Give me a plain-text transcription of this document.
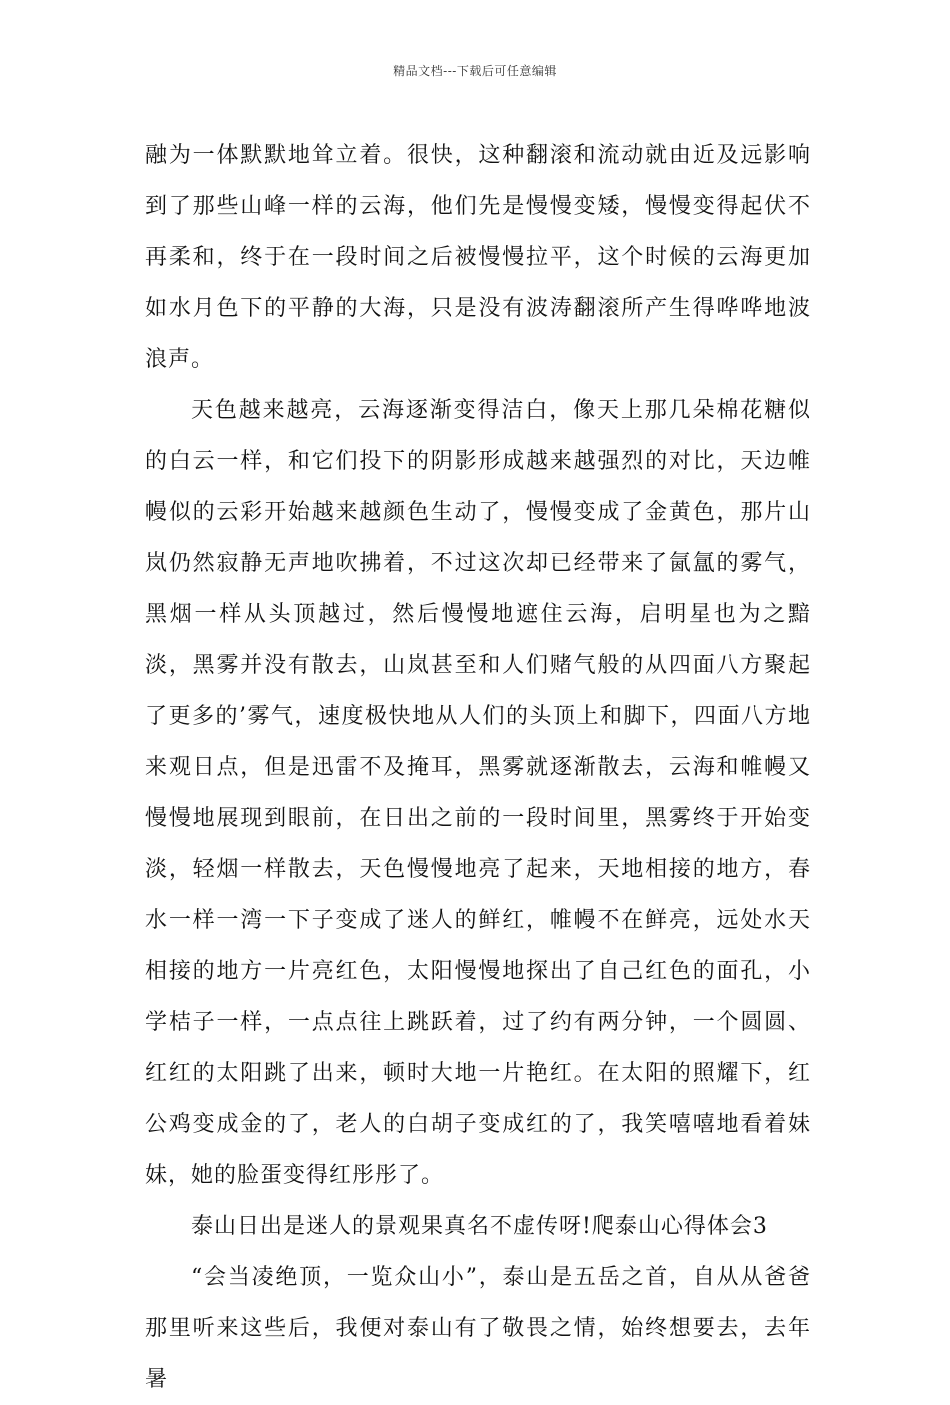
精品文档---下载后可任意编辑

融为一体默默地耸立着。很快，这种翻滚和流动就由近及远影响到了那些山峰一样的云海，他们先是慢慢变矮，慢慢变得起伏不再柔和，终于在一段时间之后被慢慢拉平，这个时候的云海更加如水月色下的平静的大海，只是没有波涛翻滚所产生得哗哗地波浪声。

天色越来越亮，云海逐渐变得洁白，像天上那几朵棉花糖似的白云一样，和它们投下的阴影形成越来越强烈的对比，天边帷幔似的云彩开始越来越颜色生动了，慢慢变成了金黄色，那片山岚仍然寂静无声地吹拂着，不过这次却已经带来了氤氲的雾气，黑烟一样从头顶越过，然后慢慢地遮住云海，启明星也为之黯淡，黑雾并没有散去，山岚甚至和人们赌气般的从四面八方聚起了更多的’雾气，速度极快地从人们的头顶上和脚下，四面八方地来观日点，但是迅雷不及掩耳，黑雾就逐渐散去，云海和帷幔又慢慢地展现到眼前，在日出之前的一段时间里，黑雾终于开始变淡，轻烟一样散去，天色慢慢地亮了起来，天地相接的地方，春水一样一湾一下子变成了迷人的鲜红，帷幔不在鲜亮，远处水天相接的地方一片亮红色，太阳慢慢地探出了自己红色的面孔，小学桔子一样，一点点往上跳跃着，过了约有两分钟，一个圆圆、红红的太阳跳了出来，顿时大地一片艳红。在太阳的照耀下，红公鸡变成金的了，老人的白胡子变成红的了，我笑嘻嘻地看着妹妹，她的脸蛋变得红彤彤了。

泰山日出是迷人的景观果真名不虚传呀!爬泰山心得体会3

“会当凌绝顶，一览众山小”，泰山是五岳之首，自从从爸爸那里听来这些后，我便对泰山有了敬畏之情，始终想要去，去年暑
